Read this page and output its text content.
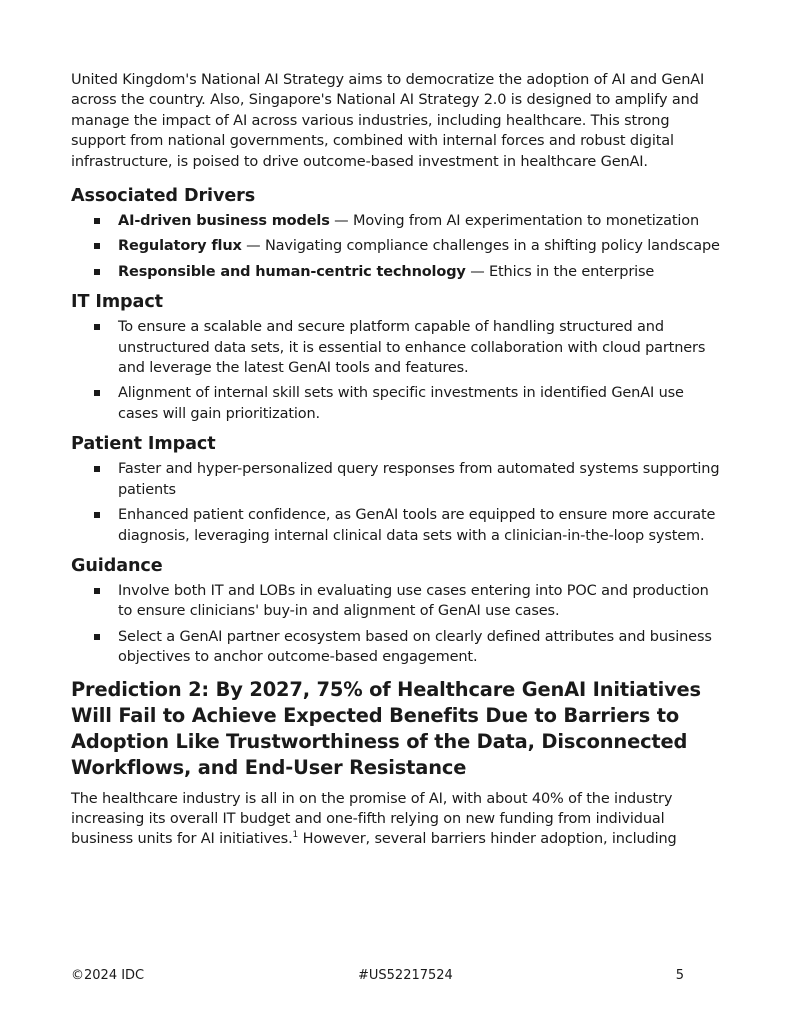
United Kingdom's National AI Strategy aims to democratize the adoption of AI and GenAI across the country. Also, Singapore's National AI Strategy 2.0 is designed to amplify and manage the impact of AI across various industries, including healthcare. This strong support from national governments, combined with internal forces and robust digital infrastructure, is poised to drive outcome-based investment in healthcare GenAI.

Associated Drivers
AI-driven business models — Moving from AI experimentation to monetization
Regulatory flux — Navigating compliance challenges in a shifting policy landscape
Responsible and human-centric technology — Ethics in the enterprise
IT Impact
To ensure a scalable and secure platform capable of handling structured and unstructured data sets, it is essential to enhance collaboration with cloud partners and leverage the latest GenAI tools and features.
Alignment of internal skill sets with specific investments in identified GenAI use cases will gain prioritization.
Patient Impact
Faster and hyper-personalized query responses from automated systems supporting patients
Enhanced patient confidence, as GenAI tools are equipped to ensure more accurate diagnosis, leveraging internal clinical data sets with a clinician-in-the-loop system.
Guidance
Involve both IT and LOBs in evaluating use cases entering into POC and production to ensure clinicians' buy-in and alignment of GenAI use cases.
Select a GenAI partner ecosystem based on clearly defined attributes and business objectives to anchor outcome-based engagement.
Prediction 2: By 2027, 75% of Healthcare GenAI Initiatives Will Fail to Achieve Expected Benefits Due to Barriers to Adoption Like Trustworthiness of the Data, Disconnected Workflows, and End-User Resistance

The healthcare industry is all in on the promise of AI, with about 40% of the industry increasing its overall IT budget and one-fifth relying on new funding from individual business units for AI initiatives.$^1$ However, several barriers hinder adoption, including

©2024 IDC	#US52217524	5
